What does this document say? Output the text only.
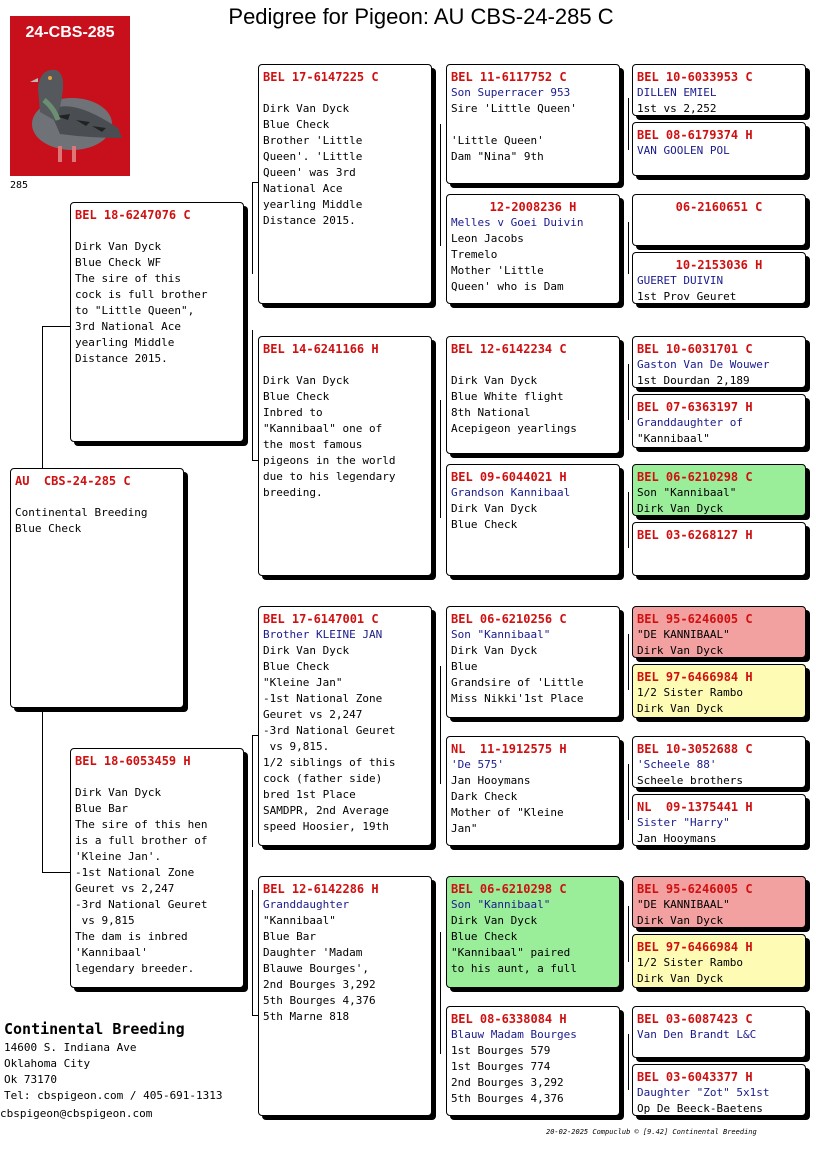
Pedigree for Pigeon: AU CBS-24-285 C
24-CBS-285
285
AU  CBS-24-285 C
Continental Breeding
Blue Check
BEL 18-6247076 C
Dirk Van Dyck
Blue Check WF
The sire of this
cock is full brother
to "Little Queen",
3rd National Ace
yearling Middle
Distance 2015.
BEL 18-6053459 H
Dirk Van Dyck
Blue Bar
The sire of this hen
is a full brother of
'Kleine Jan'.
-1st National Zone
Geuret vs 2,247
-3rd National Geuret
vs 9,815
The dam is inbred
'Kannibaal'
legendary breeder.
BEL 17-6147225 C
Dirk Van Dyck
Blue Check
Brother 'Little
Queen'. 'Little
Queen' was 3rd
National Ace
yearling Middle
Distance 2015.
BEL 14-6241166 H
Dirk Van Dyck
Blue Check
Inbred to
"Kannibaal" one of
the most famous
pigeons in the world
due to his legendary
breeding.
BEL 17-6147001 C
Brother KLEINE JAN
Dirk Van Dyck
Blue Check
"Kleine Jan"
-1st National Zone
Geuret vs 2,247
-3rd National Geuret
vs 9,815.
1/2 siblings of this
cock (father side)
bred 1st Place
SAMDPR, 2nd Average
speed Hoosier, 19th
BEL 12-6142286 H
Granddaughter
"Kannibaal"
Blue Bar
Daughter 'Madam
Blauwe Bourges',
2nd Bourges 3,292
5th Bourges 4,376
5th Marne 818
BEL 11-6117752 C
Son Superracer 953
Sire 'Little Queen'
'Little Queen'
Dam "Nina" 9th
12-2008236 H
Melles v Goei Duivin
Leon Jacobs
Tremelo
Mother 'Little
Queen' who is Dam
BEL 12-6142234 C
Dirk Van Dyck
Blue White flight
8th National
Acepigeon yearlings
BEL 09-6044021 H
Grandson Kannibaal
Dirk Van Dyck
Blue Check
BEL 06-6210256 C
Son "Kannibaal"
Dirk Van Dyck
Blue
Grandsire of 'Little
Miss Nikki'1st Place
NL  11-1912575 H
'De 575'
Jan Hooymans
Dark Check
Mother of "Kleine
Jan"
BEL 06-6210298 C
Son "Kannibaal"
Dirk Van Dyck
Blue Check
"Kannibaal" paired
to his aunt, a full
BEL 08-6338084 H
Blauw Madam Bourges
1st Bourges 579
1st Bourges 774
2nd Bourges 3,292
5th Bourges 4,376
BEL 10-6033953 C
DILLEN EMIEL
1st vs 2,252
BEL 08-6179374 H
VAN GOOLEN POL
06-2160651 C
10-2153036 H
GUERET DUIVIN
1st Prov Geuret
BEL 10-6031701 C
Gaston Van De Wouwer
1st Dourdan 2,189
BEL 07-6363197 H
Granddaughter of
"Kannibaal"
BEL 06-6210298 C
Son "Kannibaal"
Dirk Van Dyck
BEL 03-6268127 H
BEL 95-6246005 C
"DE KANNIBAAL"
Dirk Van Dyck
BEL 97-6466984 H
1/2 Sister Rambo
Dirk Van Dyck
BEL 10-3052688 C
'Scheele 88'
Scheele brothers
NL  09-1375441 H
Sister "Harry"
Jan Hooymans
BEL 95-6246005 C
"DE KANNIBAAL"
Dirk Van Dyck
BEL 97-6466984 H
1/2 Sister Rambo
Dirk Van Dyck
BEL 03-6087423 C
Van Den Brandt L&C
BEL 03-6043377 H
Daughter "Zot" 5x1st
Op De Beeck-Baetens
Continental Breeding
14600 S. Indiana Ave
Oklahoma City
Ok 73170
Tel: cbspigeon.com / 405-691-1313
cbspigeon@cbspigeon.com
20-02-2025 Compuclub © [9.42] Continental Breeding
